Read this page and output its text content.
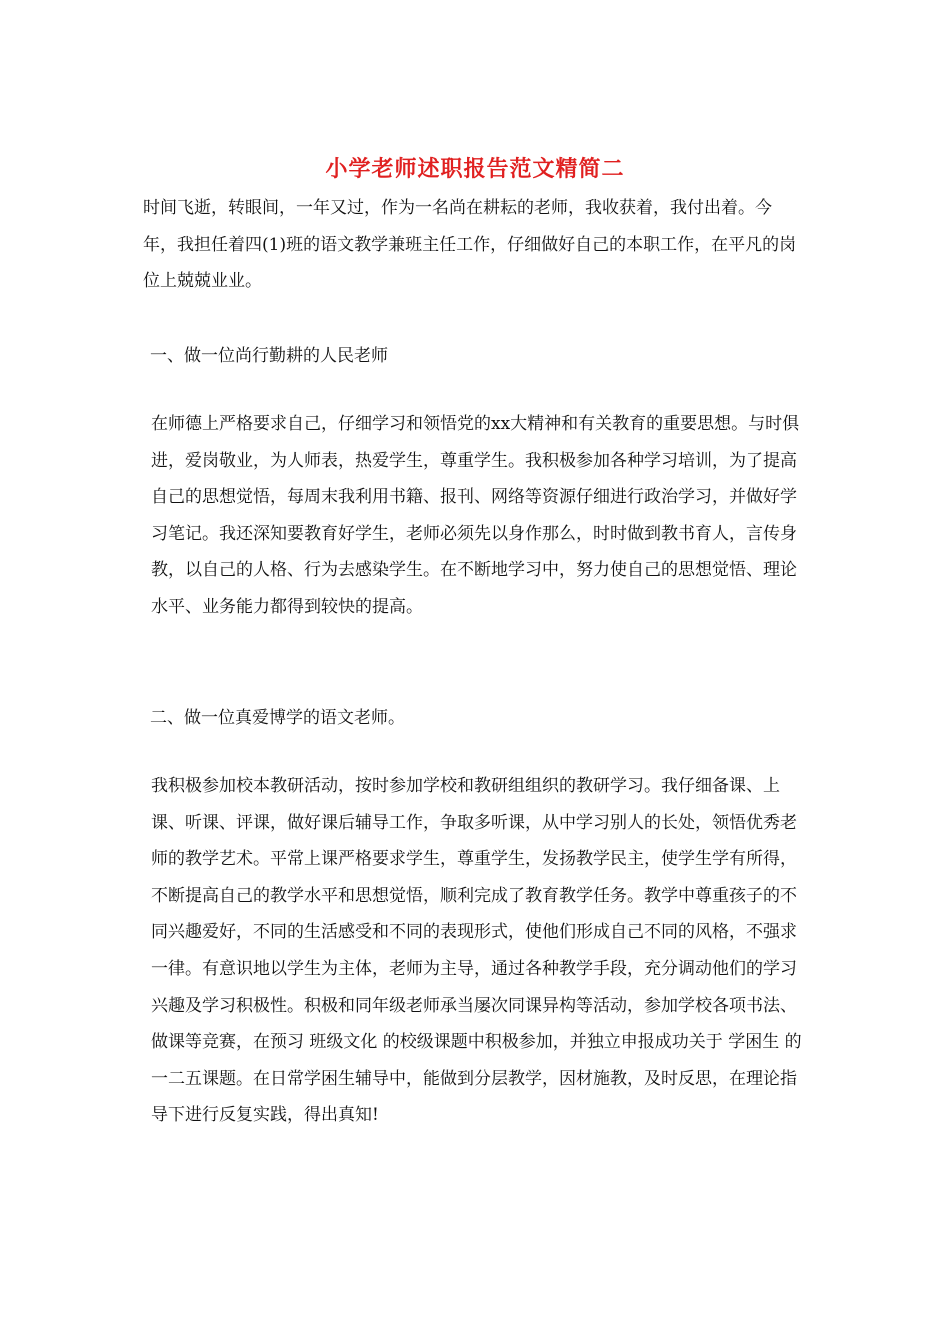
小学老师述职报告范文精简二

时间飞逝，转眼间，一年又过，作为一名尚在耕耘的老师，我收获着，我付出着。今年，我担任着四(1)班的语文教学兼班主任工作，仔细做好自己的本职工作，在平凡的岗位上兢兢业业。

一、做一位尚行勤耕的人民老师

在师德上严格要求自己，仔细学习和领悟党的xx大精神和有关教育的重要思想。与时俱进，爱岗敬业，为人师表，热爱学生，尊重学生。我积极参加各种学习培训，为了提高自己的思想觉悟，每周末我利用书籍、报刊、网络等资源仔细进行政治学习，并做好学习笔记。我还深知要教育好学生，老师必须先以身作那么，时时做到教书育人，言传身教，以自己的人格、行为去感染学生。在不断地学习中，努力使自己的思想觉悟、理论水平、业务能力都得到较快的提高。

二、做一位真爱博学的语文老师。

我积极参加校本教研活动，按时参加学校和教研组组织的教研学习。我仔细备课、上课、听课、评课，做好课后辅导工作，争取多听课，从中学习别人的长处，领悟优秀老师的教学艺术。平常上课严格要求学生，尊重学生，发扬教学民主，使学生学有所得，不断提高自己的教学水平和思想觉悟，顺利完成了教育教学任务。教学中尊重孩子的不同兴趣爱好，不同的生活感受和不同的表现形式，使他们形成自己不同的风格，不强求一律。有意识地以学生为主体，老师为主导，通过各种教学手段，充分调动他们的学习兴趣及学习积极性。积极和同年级老师承当屡次同课异构等活动，参加学校各项书法、做课等竞赛，在预习 班级文化 的校级课题中积极参加，并独立申报成功关于 学困生 的一二五课题。在日常学困生辅导中，能做到分层教学，因材施教，及时反思，在理论指导下进行反复实践，得出真知!
